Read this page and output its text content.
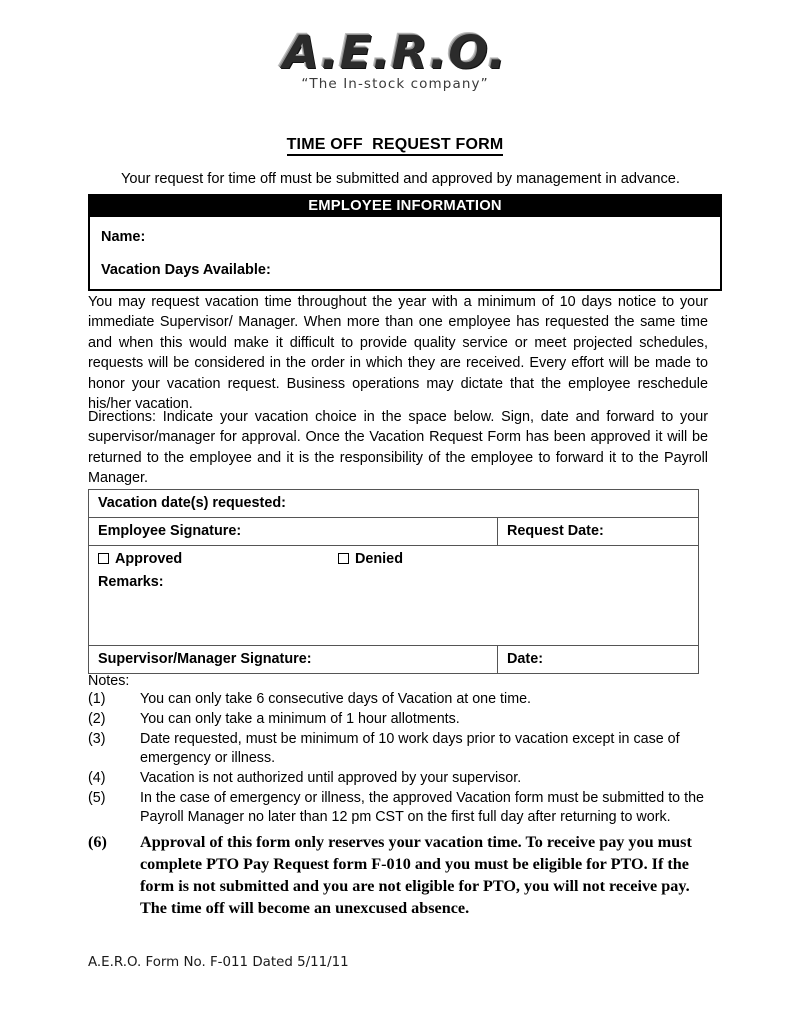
A.E.R.O.
“The In-stock company”
TIME OFF  REQUEST FORM
Your request for time off must be submitted and approved by management in advance.
EMPLOYEE INFORMATION
Name:
Vacation Days Available:
You may request vacation time throughout the year with a minimum of 10 days notice to your immediate Supervisor/ Manager. When more than one employee has requested the same time and when this would make it difficult to provide quality service or meet projected schedules, requests will be considered in the order in which they are received. Every effort will be made to honor your vacation request. Business operations may dictate that the employee reschedule his/her vacation.
Directions: Indicate your vacation choice in the space below. Sign, date and forward to your supervisor/manager for approval. Once the Vacation Request Form has been approved it will be returned to the employee and it is the responsibility of the employee to forward it to the Payroll Manager.
Vacation date(s) requested:	
Employee Signature:	Request Date:

Approved Denied
Remarks:	

Supervisor/Manager Signature:	Date:
Notes:
(1)	You can only take 6 consecutive days of Vacation at one time.
(2)	You can only take a minimum of 1 hour allotments.
(3)	Date requested, must be minimum of 10 work days prior to vacation except in case of emergency or illness.
(4)	Vacation is not authorized until approved by your supervisor.
(5)	In the case of emergency or illness, the approved Vacation form must be submitted to the Payroll Manager no later than 12 pm CST on the first full day after returning to work.
(6)	Approval of this form only reserves your vacation time. To receive pay you must complete PTO Pay Request form F-010 and you must be eligible for PTO. If the form is not submitted and you are not eligible for PTO, you will not receive pay. The time off will become an unexcused absence.
A.E.R.O. Form No. F-011 Dated 5/11/11
